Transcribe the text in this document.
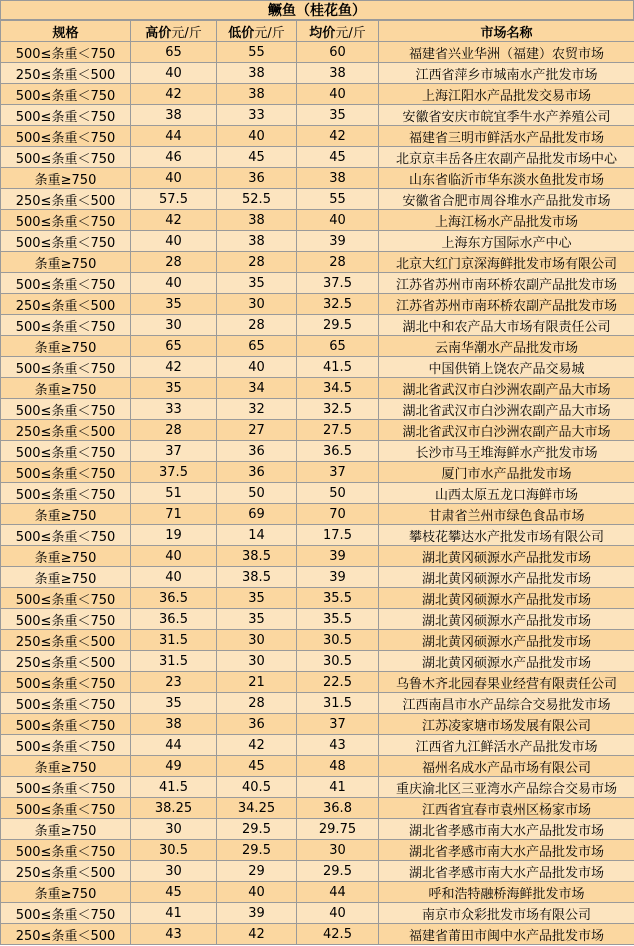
鳜鱼（桂花鱼）
规格	高价元/斤	低价元/斤	均价元/斤	市场名称
500≤条重＜750	65	55	60	福建省兴业华洲（福建）农贸市场
250≤条重＜500	40	38	38	江西省萍乡市城南水产批发市场
500≤条重＜750	42	38	40	上海江阳水产品批发交易市场
500≤条重＜750	38	33	35	安徽省安庆市皖宜季牛水产养殖公司
500≤条重＜750	44	40	42	福建省三明市鲜活水产品批发市场
500≤条重＜750	46	45	45	北京京丰岳各庄农副产品批发市场中心
条重≥750	40	36	38	山东省临沂市华东淡水鱼批发市场
250≤条重＜500	57.5	52.5	55	安徽省合肥市周谷堆水产品批发市场
500≤条重＜750	42	38	40	上海江杨水产品批发市场
500≤条重＜750	40	38	39	上海东方国际水产中心
条重≥750	28	28	28	北京大红门京深海鲜批发市场有限公司
500≤条重＜750	40	35	37.5	江苏省苏州市南环桥农副产品批发市场
250≤条重＜500	35	30	32.5	江苏省苏州市南环桥农副产品批发市场
500≤条重＜750	30	28	29.5	湖北中和农产品大市场有限责任公司
条重≥750	65	65	65	云南华潮水产品批发市场
500≤条重＜750	42	40	41.5	中国供销上饶农产品交易城
条重≥750	35	34	34.5	湖北省武汉市白沙洲农副产品大市场
500≤条重＜750	33	32	32.5	湖北省武汉市白沙洲农副产品大市场
250≤条重＜500	28	27	27.5	湖北省武汉市白沙洲农副产品大市场
500≤条重＜750	37	36	36.5	长沙市马王堆海鲜水产批发市场
500≤条重＜750	37.5	36	37	厦门市水产品批发市场
500≤条重＜750	51	50	50	山西太原五龙口海鲜市场
条重≥750	71	69	70	甘肃省兰州市绿色食品市场
500≤条重＜750	19	14	17.5	攀枝花攀达水产批发市场有限公司
条重≥750	40	38.5	39	湖北黄冈硕源水产品批发市场
条重≥750	40	38.5	39	湖北黄冈硕源水产品批发市场
500≤条重＜750	36.5	35	35.5	湖北黄冈硕源水产品批发市场
500≤条重＜750	36.5	35	35.5	湖北黄冈硕源水产品批发市场
250≤条重＜500	31.5	30	30.5	湖北黄冈硕源水产品批发市场
250≤条重＜500	31.5	30	30.5	湖北黄冈硕源水产品批发市场
500≤条重＜750	23	21	22.5	乌鲁木齐北园春果业经营有限责任公司
500≤条重＜750	35	28	31.5	江西南昌市水产品综合交易批发市场
500≤条重＜750	38	36	37	江苏凌家塘市场发展有限公司
500≤条重＜750	44	42	43	江西省九江鲜活水产品批发市场
条重≥750	49	45	48	福州名成水产品市场有限公司
500≤条重＜750	41.5	40.5	41	重庆渝北区三亚湾水产品综合交易市场
500≤条重＜750	38.25	34.25	36.8	江西省宜春市袁州区杨家市场
条重≥750	30	29.5	29.75	湖北省孝感市南大水产品批发市场
500≤条重＜750	30.5	29.5	30	湖北省孝感市南大水产品批发市场
250≤条重＜500	30	29	29.5	湖北省孝感市南大水产品批发市场
条重≥750	45	40	44	呼和浩特融桥海鲜批发市场
500≤条重＜750	41	39	40	南京市众彩批发市场有限公司
250≤条重＜500	43	42	42.5	福建省莆田市闽中水产品批发市场
